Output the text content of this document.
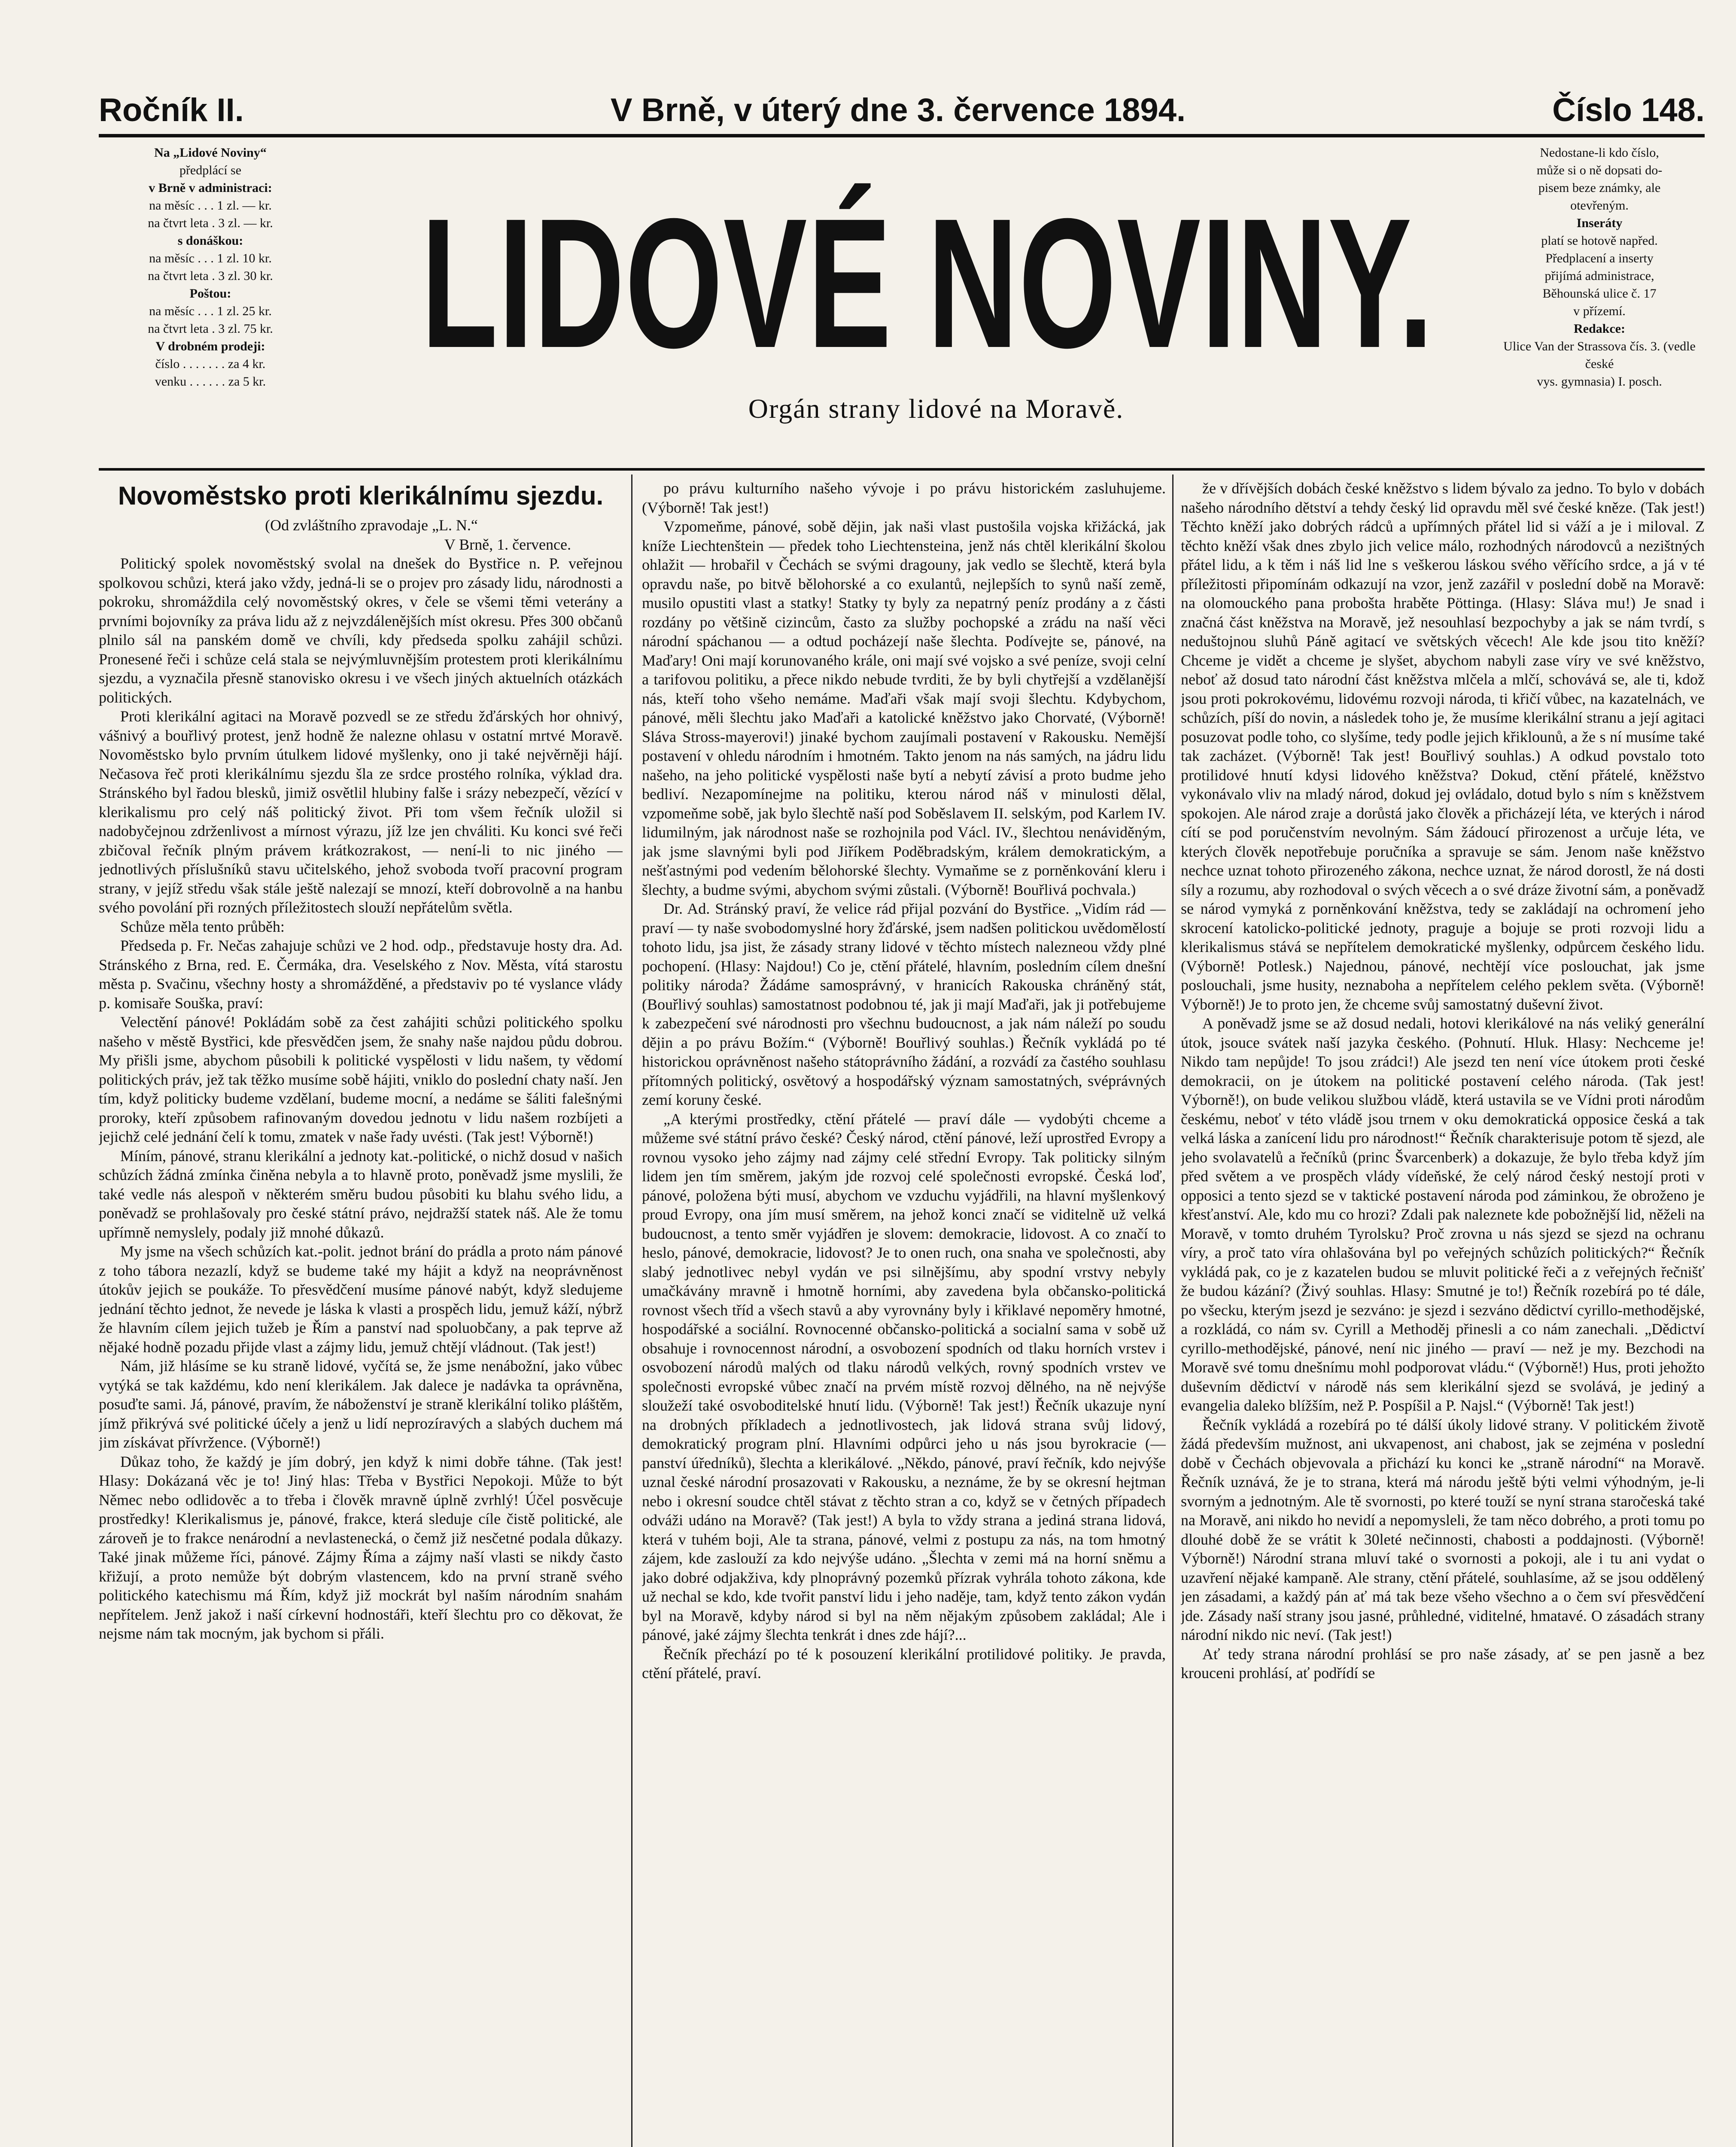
Ročník II.	V Brně, v úterý dne 3. července 1894.	Číslo 148.
Na „Lidové Noviny“
předplácí se
v Brně v administraci:
na měsíc . . . 1 zl. — kr.
na čtvrt leta . 3 zl. — kr.
s donáškou:
na měsíc . . . 1 zl. 10 kr.
na čtvrt leta . 3 zl. 30 kr.
Poštou:
na měsíc . . . 1 zl. 25 kr.
na čtvrt leta . 3 zl. 75 kr.
V drobném prodeji:
číslo . . . . . . . za 4 kr.
venku . . . . . . za 5 kr. LIDOVÉ NOVINY.
Orgán strany lidové na Moravě.
Nedostane-li kdo číslo,
může si o ně dopsati do-
pisem beze známky, ale
otevřeným.
Inseráty
platí se hotově napřed.
Předplacení a inserty
přijímá administrace,
Běhounská ulice č. 17
v přízemí.
Redakce:
Ulice Van der Strassova čís. 3. (vedle české
vys. gymnasia) I. posch.
Novoměstsko proti klerikálnímu sjezdu.

(Od zvláštního zpravodaje „L. N.“

V Brně, 1. července.

Politický spolek novoměstský svolal na dnešek do Bystřice n. P. veřejnou spolkovou schůzi, která jako vždy, jedná-li se o projev pro zásady lidu, národnosti a pokroku, shromáždila celý novoměstský okres, v čele se všemi těmi veterány a prvními bojovníky za práva lidu až z nejvzdálenějších míst okresu. Přes 300 občanů plnilo sál na panském domě ve chvíli, kdy předseda spolku zahájil schůzi. Pronesené řeči i schůze celá stala se nejvýmluvnějším protestem proti klerikálnímu sjezdu, a vyznačila přesně stanovisko okresu i ve všech jiných aktuelních otázkách politických.

Proti klerikální agitaci na Moravě pozvedl se ze středu žďárských hor ohnivý, vášnivý a bouřlivý protest, jenž hodně že naleznе ohlasu v ostatní mrtvé Moravě. Novoměstsko bylo prvním útulkem lidové myšlenky, ono ji také nejvěrněji hájí. Nečasova řeč proti klerikálnímu sjezdu šla ze srdce prostého rolníka, výklad dra. Stránského byl řadou blesků, jimiž osvětlil hlubiny falše i srázy nebezpečí, vězící v klerikalismu pro celý náš politický život. Při tom všem řečník uložil si nadobyčejnou zdrženlivost a mírnost výrazu, jíž lze jen chváliti. Ku konci své řeči zbičoval řečník plným právem krátkozrakost, — není-li to nic jiného — jednotlivých příslušníků stavu učitelského, jehož svoboda tvoří pracovní program strany, v jejíž středu však stále ještě nalezají se mnozí, kteří dobrovolně a na hanbu svého povolání při rozných příležitostech slouží nepřátelům světla.

Schůze měla tento průběh:

Předseda p. Fr. Nečas zahajuje schůzi ve 2 hod. odp., představuje hosty dra. Ad. Stránského z Brna, red. E. Čermáka, dra. Veselského z Nov. Města, vítá starostu města p. Svačinu, všechny hosty a shromážděné, a představiv po té vyslance vlády p. komisaře Souška, praví:

Velectění pánové! Pokládám sobě za čest zahájiti schůzi politického spolku našeho v městě Bystřici, kde přesvědčen jsem, že snahy naše najdou půdu dobrou. My přišli jsme, abychom působili k politické vyspělosti v lidu našem, ty vědomí politických práv, jež tak těžko musíme sobě hájiti, vniklo do poslední chaty naší. Jen tím, když politicky budeme vzdělaní, budeme mocní, a nedáme se šáliti falešnými proroky, kteří způsobem rafinovaným dovedou jednotu v lidu našem rozbíjeti a jejichž celé jednání čelí k tomu, zmatek v naše řady uvésti. (Tak jest! Výborně!)

Míním, pánové, stranu klerikální a jednoty kat.-politické, o nichž dosud v našich schůzích žádná zmínka činěna nebyla a to hlavně proto, poněvadž jsme myslili, že také vedle nás alespoň v některém směru budou působiti ku blahu svého lidu, a poněvadž se prohlašovaly pro české státní právo, nejdražší statek náš. Ale že tomu upřímně nemyslely, podaly již mnohé důkazů.

My jsme na všech schůzích kat.-polit. jednot brání do prádla a proto nám pánové z toho tábora nezazlí, když se budeme také my hájit a když na neoprávněnost útokův jejich se poukáže. To přesvědčení musíme pánové nabýt, když sledujeme jednání těchto jednot, že nevede je láska k vlasti a prospěch lidu, jemuž káží, nýbrž že hlavním cílem jejich tužeb je Řím a panství nad spoluobčany, a pak teprve až nějaké hodně pozadu přijde vlast a zájmy lidu, jemuž chtějí vládnout. (Tak jest!)

Nám, již hlásíme se ku straně lidové, vyčítá se, že jsme nenábožní, jako vůbec vytýká se tak každému, kdo není klerikálem. Jak dalece je nadávka ta oprávněna, posuďte sami. Já, pánové, pravím, že náboženství je straně klerikální toliko pláštěm, jímž přikrývá své politické účely a jenž u lidí neprozíravých a slabých duchem má jim získávat přívržence. (Výborně!)

Důkaz toho, že každý je jím dobrý, jen když k nimi dobře táhne. (Tak jest! Hlasy: Dokázaná věc je to! Jiný hlas: Třeba v Bystřici Nepokoji. Může to být Němec nebo odlidověc a to třeba i člověk mravně úplně zvrhlý! Účel posvěcuje prostředky! Klerikalismus je, pánové, frakce, která sleduje cíle čistě politické, ale zároveň je to frakce nenárodní a nevlastenecká, o čemž již nesčetné podala důkazy. Také jinak můžeme říci, pánové. Zájmy Říma a zájmy naší vlasti se nikdy často křižují, a proto nemůže být dobrým vlastencem, kdo na první straně svého politického katechismu má Řím, když již mockrát byl naším národním snahám nepřítelem. Jenž jakož i naší církevní hodnostáři, kteří šlechtu pro co děkovat, že nejsme nám tak mocným, jak bychom si přáli.

po právu kulturního našeho vývoje i po právu historickém zasluhujeme. (Výborně! Tak jest!)

Vzpomeňme, pánové, sobě dějin, jak naši vlast pustošila vojska křižácká, jak kníže Liechtenštein — předek toho Liechtensteina, jenž nás chtěl klerikální školou ohlažit — hrobařil v Čechách se svými dragouny, jak vedlo se šlechtě, která byla opravdu naše, po bitvě bělohorské a co exulantů, nejlepších to synů naší země, musilo opustiti vlast a statky! Statky ty byly za nepatrný peníz prodány a z části rozdány po většině cizincům, často za služby pochopské a zrádu na naší věci národní spáchanou — a odtud pocházejí naše šlechta. Podívejte se, pánové, na Maďary! Oni mají korunovaného krále, oni mají své vojsko a své peníze, svoji celní a tarifovou politiku, a přece nikdo nebude tvrditi, že by byli chytřejší a vzdělanější nás, kteří toho všeho nemáme. Maďaři však mají svoji šlechtu. Kdybychom, pánové, měli šlechtu jako Maďaři a katolické kněžstvo jako Chorvaté, (Výborně! Sláva Stross-mayerovi!) jinaké bychom zaujímali postavení v Rakousku. Nemější postavení v ohledu národním i hmotném. Takto jenom na nás samých, na jádru lidu našeho, na jeho politické vyspělosti naše bytí a nebytí závisí a proto budme jeho bedliví. Nezapomínejme na politiku, kterou národ náš v minulosti dělal, vzpomeňme sobě, jak bylo šlechtě naší pod Soběslavem II. selským, pod Karlem IV. lidumilným, jak národnost naše se rozhojnila pod Václ. IV., šlechtou nenáviděným, jak jsme slavnými byli pod Jiříkem Poděbradským, králem demokratickým, a nešťastnými pod vedením bělohorské šlechty. Vymaňme se z porněnkování kleru i šlechty, a budme svými, abychom svými zůstali. (Výborně! Bouřlivá pochvala.)

Dr. Ad. Stránský praví, že velice rád přijal pozvání do Bystřice. „Vidím rád — praví — ty naše svobodomyslné hory žďárské, jsem nadšen politickou uvědomělostí tohoto lidu, jsa jist, že zásady strany lidové v těchto místech nalezneou vždy plné pochopení. (Hlasy: Najdou!) Co je, ctění přátelé, hlavním, posledním cílem dnešní politiky národa? Žádáme samosprávný, v hranicích Rakouska chráněný stát, (Bouřlivý souhlas) samostatnost podobnou té, jak ji mají Maďaři, jak ji potřebujeme k zabezpečení své národnosti pro všechnu budoucnost, a jak nám náleží po soudu dějin a po právu Božím.“ (Výborně! Bouřlivý souhlas.) Řečník vykládá po té historickou oprávněnost našeho státoprávního žádání, a rozvádí za častého souhlasu přítomných politický, osvětový a hospodářský význam samostatných, svéprávných zemí koruny české.

„A kterými prostředky, ctění přátelé — praví dále — vydobýti chceme a můžeme své státní právo české? Český národ, ctění pánové, leží uprostřed Evropy a rovnou vysoko jeho zájmy nad zájmy celé střední Evropy. Tak politicky silným lidem jen tím směrem, jakým jde rozvoj celé společnosti evropské. Česká loď, pánové, položena býti musí, abychom ve vzduchu vyjádřili, na hlavní myšlenkový proud Evropy, ona jím musí směrem, na jehož konci značí se viditelně už velká budoucnost, a tento směr vyjádřen je slovem: demokracie, lidovost. A co značí to heslo, pánové, demokracie, lidovost? Je to onen ruch, ona snaha ve společnosti, aby slabý jednotlivec nebyl vydán ve psi silnějšímu, aby spodní vrstvy nebyly umačkávány mravně i hmotně horními, aby zavedena byla občansko-politická rovnost všech tříd a všech stavů a aby vyrovnány byly i křiklavé nepoměry hmotné, hospodářské a sociální. Rovnocenné občansko-politická a socialní sama v sobě už obsahuje i rovnocennost národní, a osvobození spodních od tlaku horních vrstev i osvobození národů malých od tlaku národů velkých, rovný spodních vrstev ve společnosti evropské vůbec značí na prvém místě rozvoj dělného, na ně nejvýše sloužeží také osvoboditelské hnutí lidu. (Výborně! Tak jest!) Řečník ukazuje nyní na drobných příkladech a jednotlivostech, jak lidová strana svůj lidový, demokratický program plní. Hlavními odpůrci jeho u nás jsou byrokracie (— panství úředníků), šlechta a klerikálové. „Někdo, pánové, praví řečník, kdo nejvýše uznal české národní prosazovati v Rakousku, a neznáme, že by se okresní hejtman nebo i okresní soudce chtěl stávat z těchto stran a co, když se v četných případech odváži udáno na Moravě? (Tak jest!) A byla to vždy strana a jediná strana lidová, která v tuhém boji, Ale ta strana, pánové, velmi z postupu za nás, na tom hmotný zájem, kde zaslouží za kdo nejvýše udáno. „Šlechta v zemi má na horní sněmu a jako dobré odjakživa, kdy plnoprávný pozemků přízrak vyhrála tohoto zákona, kde už nechal se kdo, kde tvořit panství lidu i jeho naděje, tam, když tento zákon vydán byl na Moravě, kdyby národ si byl na něm nějakým způsobem zakládal; Ale i pánové, jaké zájmy šlechta tenkrát i dnes zde hájí?...

Řečník přechází po té k posouzení klerikální protilidové politiky. Je pravda, ctění přátelé, praví.

že v dřívějších dobách české kněžstvo s lidem bývalo za jedno. To bylo v dobách našeho národního dětství a tehdy český lid opravdu měl své české kněze. (Tak jest!) Těchto kněží jako dobrých rádců a upřímných přátel lid si váží a je i miloval. Z těchto kněží však dnes zbylo jich velice málo, rozhodných národovců a nezištných přátel lidu, a k těm i náš lid lne s veškerou láskou svého věřícího srdce, a já v té příležitosti připomínám odkazují na vzor, jenž zazářil v poslední době na Moravě: na olomouckého pana probošta hraběte Pöttinga. (Hlasy: Sláva mu!) Je snad i značná část kněžstva na Moravě, jež nesouhlasí bezpochyby a jak se nám tvrdí, s neduštojnou sluhů Páně agitací ve světských věcech! Ale kde jsou tito kněží? Chceme je vidět a chceme je slyšet, abychom nabyli zase víry ve své kněžstvo, neboť až dosud tato národní část kněžstva mlčela a mlčí, schovává se, ale ti, kdož jsou proti pokrokovému, lidovému rozvoji národa, ti křičí vůbec, na kazatelnách, ve schůzích, píší do novin, a následek toho je, že musíme klerikální stranu a její agitaci posuzovat podle toho, co slyšíme, tedy podle jejich křiklounů, a že s ní musíme také tak zacházet. (Výborně! Tak jest! Bouřlivý souhlas.) A odkud povstalo toto protilidové hnutí kdysi lidového kněžstva? Dokud, ctění přátelé, kněžstvo vykonávalo vliv na mladý národ, dokud jej ovládalo, dotud bylo s ním s kněžstvem spokojen. Ale národ zraje a dorůstá jako člověk a přicházejí léta, ve kterých i národ cítí se pod poručenstvím nevolným. Sám žádoucí přirozenost a určuje léta, ve kterých člověk nepotřebuje poručníka a spravuje se sám. Jenom naše kněžstvo nechce uznat tohoto přirozeného zákona, nechce uznat, že národ dorostl, že ná dosti síly a rozumu, aby rozhodoval o svých věcech a o své dráze životní sám, a poněvadž se národ vymyká z porněnkování kněžstva, tedy se zakládají na ochromení jeho skrocení katolicko-politické jednoty, praguje a bojuje se proti rozvoji lidu a klerikalismus stává se nepřítelem demokratické myšlenky, odpůrcem českého lidu. (Výborně! Potlesk.) Najednou, pánové, nechtějí více poslouchat, jak jsme poslouchali, jsme husity, neznaboha a nepřítelem celého peklem světa. (Výborně! Výborně!) Je to proto jen, že chceme svůj samostatný duševní život.

A poněvadž jsme se až dosud nedali, hotovi klerikálové na nás veliký generální útok, jsouce svátek naší jazyka českého. (Pohnutí. Hluk. Hlasy: Nechceme je! Nikdo tam nepůjde! To jsou zrádci!) Ale jsezd ten není více útokem proti české demokracii, on je útokem na politické postavení celého národa. (Tak jest! Výborně!), on bude velikou službou vládě, která ustavila se ve Vídni proti národům českému, neboť v této vládě jsou trnem v oku demokratická opposice česká a tak velká láska a zanícení lidu pro národnost!“ Řečník charakterisuje potom tě sjezd, ale jeho svolavatelů a řečníků (princ Švarcenberk) a dokazuje, že bylo třeba když jím před světem a ve prospěch vlády vídeňské, že celý národ český nestojí proti v opposici a tento sjezd se v taktické postavení národa pod záminkou, že obroženo je křesťanství. Ale, kdo mu co hrozi? Zdali pak naleznete kde pobožnější lid, něželi na Moravě, v tomto druhém Tyrolsku? Proč zrovna u nás sjezd se sjezd na ochranu víry, a proč tato víra ohlašována byl po veřejných schůzích politických?“ Řečník vykládá pak, co je z kazatelen budou se mluvit politické řeči a z veřejných řečnišť že budou kázání? (Živý souhlas. Hlasy: Smutné je to!) Řečník rozebírá po té dále, po všecku, kterým jsezd je sezváno: je sjezd i sezváno dědictví cyrillo-methodějské, a rozkládá, co nám sv. Cyrill a Methoděj přinesli a co nám zanechali. „Dědictví cyrillo-methodějské, pánové, není nic jiného — praví — než je my. Bezchodi na Moravě své tomu dnešnímu mohl podporovat vládu.“ (Výborně!) Hus, proti jehožto duševním dědictví v národě nás sem klerikální sjezd se svolává, je jediný a evangelia daleko blížším, než P. Pospíšil a P. Najsl.“ (Výborně! Tak jest!)

Řečník vykládá a rozebírá po té dálší úkoly lidové strany. V politickém životě žádá především mužnost, ani ukvapenost, ani chabost, jak se zejména v poslední době v Čechách objevovala a přichází ku konci ke „straně národní“ na Moravě. Řečník uznává, že je to strana, která má národu ještě býti velmi výhodným, je-li svorným a jednotným. Ale tě svornosti, po které touží se nyní strana staročeská také na Moravě, ani nikdo ho nevidí a nepomysleli, že tam něco dobrého, a proti tomu po dlouhé době že se vrátit k 30leté nečinnosti, chabosti a poddajnosti. (Výborně! Výborně!) Národní strana mluví také o svornosti a pokoji, ale i tu ani vydat o uzavření nějaké kampaně. Ale strany, ctění přátelé, souhlasíme, až se jsou oddělený jen zásadami, a každý pán ať má tak beze všeho všechno a o čem sví přesvědčení jde. Zásady naší strany jsou jasné, průhledné, viditelné, hmatavé. O zásadách strany národní nikdo nic neví. (Tak jest!)

Ať tedy strana národní prohlásí se pro naše zásady, ať se pen jasně a bez krouceni prohlásí, ať podřídí se
